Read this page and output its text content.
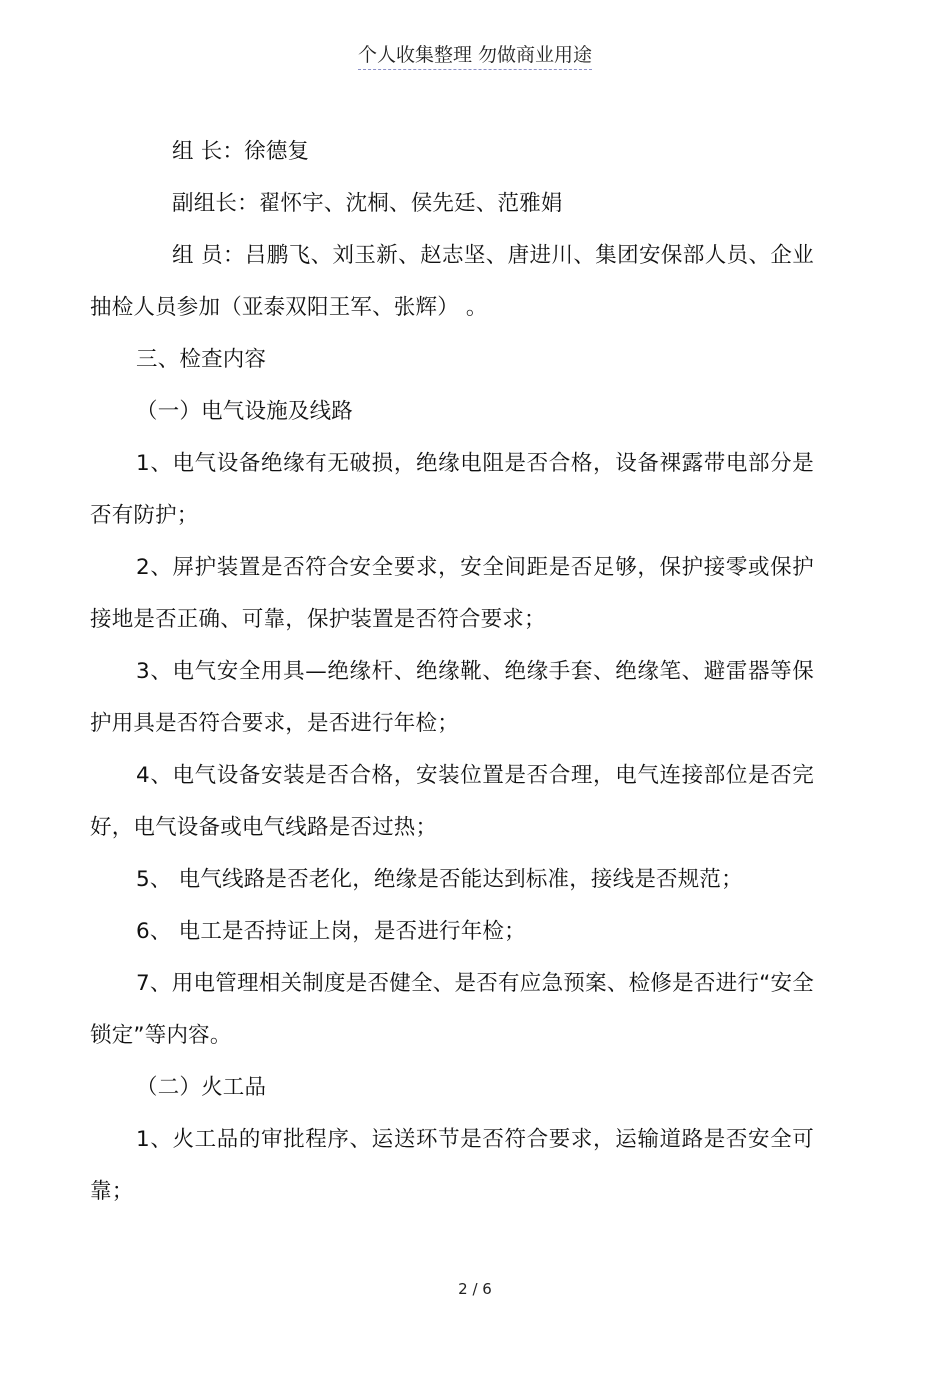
个人收集整理 勿做商业用途

组 长：徐德复

副组长：翟怀宇、沈桐、侯先廷、范雅娟

组 员：吕鹏飞、刘玉新、赵志坚、唐进川、集团安保部人员、企业抽检人员参加（亚泰双阳王军、张辉） 。

三、检查内容

（一）电气设施及线路

1、电气设备绝缘有无破损，绝缘电阻是否合格，设备裸露带电部分是否有防护；

2、屏护装置是否符合安全要求，安全间距是否足够，保护接零或保护接地是否正确、可靠，保护装置是否符合要求；

3、电气安全用具—绝缘杆、绝缘靴、绝缘手套、绝缘笔、避雷器等保护用具是否符合要求，是否进行年检；

4、电气设备安装是否合格，安装位置是否合理，电气连接部位是否完好，电气设备或电气线路是否过热；

5、 电气线路是否老化，绝缘是否能达到标准，接线是否规范；

6、 电工是否持证上岗，是否进行年检；

7、用电管理相关制度是否健全、是否有应急预案、检修是否进行“安全锁定”等内容。

（二）火工品

1、火工品的审批程序、运送环节是否符合要求，运输道路是否安全可靠；

2 / 6
